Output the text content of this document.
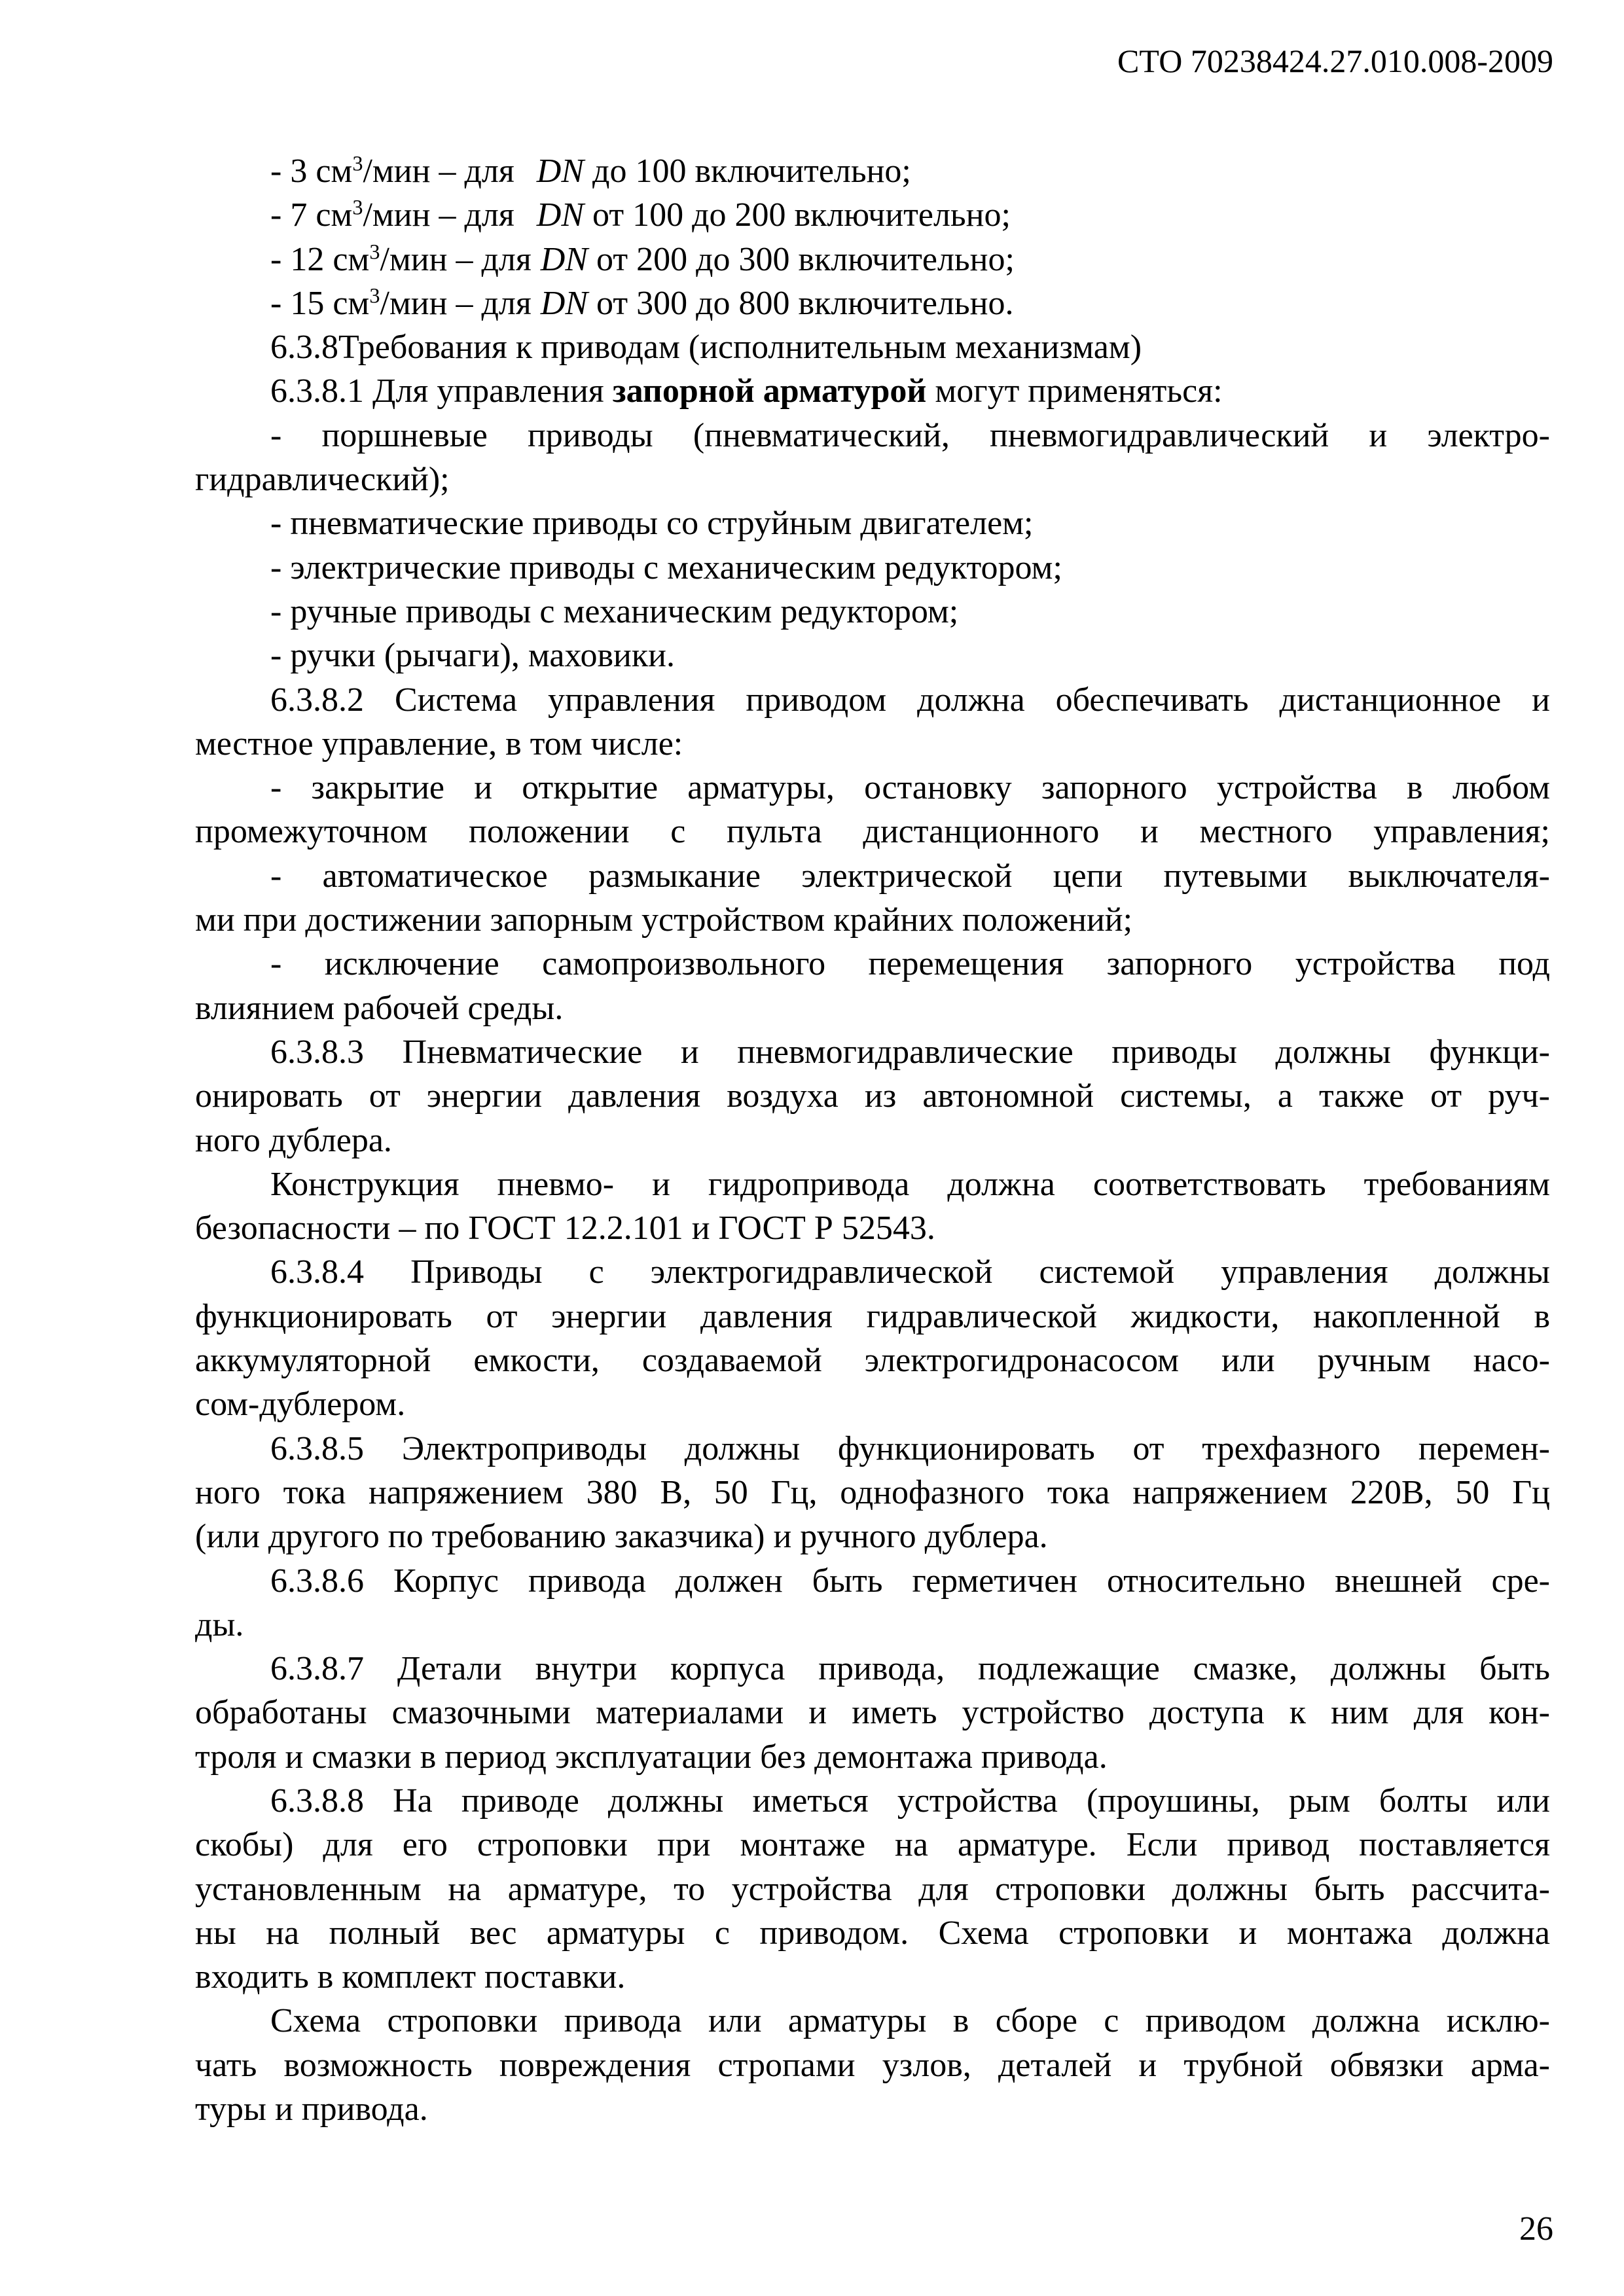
СТО 70238424.27.010.008-2009
- 3 $см^3$/мин – для DN до 100 включительно;
- 7 $см^3$/мин – для DN от 100 до 200 включительно;
- 12 $см^3$/мин – для DN от 200 до 300 включительно;
- 15 $см^3$/мин – для DN от 300 до 800 включительно.
6.3.8Требования к приводам (исполнительным механизмам)
6.3.8.1 Для управления запорной арматурой могут применяться:
- поршневые приводы (пневматический, пневмогидравлический и электро-
гидравлический);
- пневматические приводы со струйным двигателем;
- электрические приводы с механическим редуктором;
- ручные приводы с механическим редуктором;
- ручки (рычаги), маховики.
6.3.8.2 Система управления приводом должна обеспечивать дистанционное и
местное управление, в том числе:
- закрытие и открытие арматуры, остановку запорного устройства в любом
промежуточном положении с пульта дистанционного и местного управления;
- автоматическое размыкание электрической цепи путевыми выключателя-
ми при достижении запорным устройством крайних положений;
- исключение самопроизвольного перемещения запорного устройства под
влиянием рабочей среды.
6.3.8.3 Пневматические и пневмогидравлические приводы должны функци-
онировать от энергии давления воздуха из автономной системы, а также от руч-
ного дублера.
Конструкция пневмо- и гидропривода должна соответствовать требованиям
безопасности – по ГОСТ 12.2.101 и ГОСТ Р 52543.
6.3.8.4 Приводы с электрогидравлической системой управления должны
функционировать от энергии давления гидравлической жидкости, накопленной в
аккумуляторной емкости, создаваемой электрогидронасосом или ручным насо-
сом-дублером.
6.3.8.5 Электроприводы должны функционировать от трехфазного перемен-
ного тока напряжением 380 В, 50 Гц, однофазного тока напряжением 220В, 50 Гц
(или другого по требованию заказчика) и ручного дублера.
6.3.8.6 Корпус привода должен быть герметичен относительно внешней сре-
ды.
6.3.8.7 Детали внутри корпуса привода, подлежащие смазке, должны быть
обработаны смазочными материалами и иметь устройство доступа к ним для кон-
троля и смазки в период эксплуатации без демонтажа привода.
6.3.8.8 На приводе должны иметься устройства (проушины, рым болты или
скобы) для его строповки при монтаже на арматуре. Если привод поставляется
установленным на арматуре, то устройства для строповки должны быть рассчита-
ны на полный вес арматуры с приводом. Схема строповки и монтажа должна
входить в комплект поставки.
Схема строповки привода или арматуры в сборе с приводом должна исклю-
чать возможность повреждения стропами узлов, деталей и трубной обвязки арма-
туры и привода.
26
